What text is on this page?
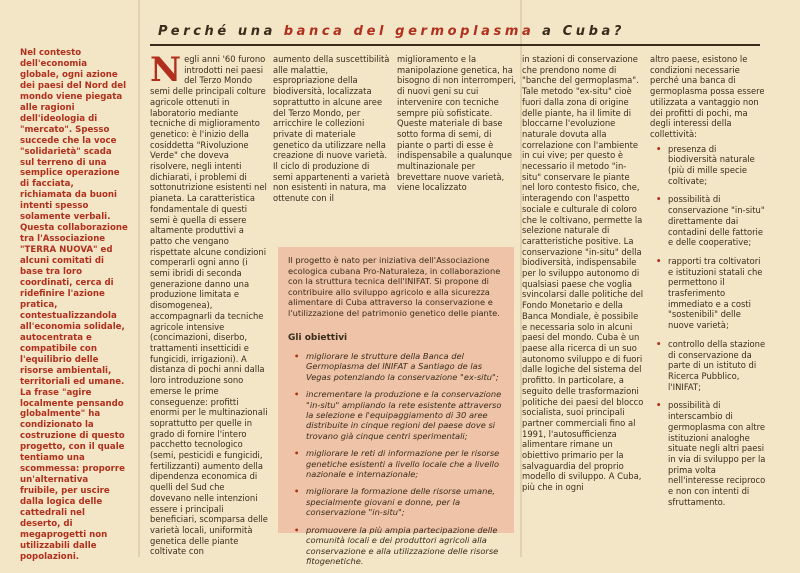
Perché una banca del germoplasma a Cuba?
Nel contesto dell'economia globale, ogni azione dei paesi del Nord del mondo viene piegata alle ragioni dell'ideologia di "mercato". Spesso succede che la voce "solidarietà" scada sul terreno di una semplice operazione di facciata, richiamata da buoni intenti spesso solamente verbali. Questa collaborazione tra l'Associazione "TERRA NUOVA" ed alcuni comitati di base tra loro coordinati, cerca di ridefinire l'azione pratica, contestualizzandola all'economia solidale, autocentrata e compatibile con l'equilibrio delle risorse ambientali, territoriali ed umane. La frase "agire localmente pensando globalmente" ha condizionato la costruzione di questo progetto, con il quale tentiamo una scommessa: proporre un'alternativa fruibile, per uscire dalla logica delle cattedrali nel deserto, di megaprogetti non utilizzabili dalle popolazioni.
N egli anni '60 furono introdotti nei paesi del Terzo Mondo semi delle principali colture agricole ottenuti in laboratorio mediante tecniche di miglioramento genetico: è l'inizio della cosiddetta "Rivoluzione Verde" che doveva risolvere, negli intenti dichiarati, i problemi di sottonutrizione esistenti nel pianeta. La caratteristica fondamentale di questi semi è quella di essere altamente produttivi a patto che vengano rispettate alcune condizioni comperarli ogni anno (i semi ibridi di seconda generazione danno una produzione limitata e disomogenea), accompagnarli da tecniche agricole intensive (concimazioni, diserbo, trattamenti insetticidi e fungicidi, irrigazioni). A distanza di pochi anni dalla loro introduzione sono emerse le prime conseguenze: profitti enormi per le multinazionali soprattutto per quelle in grado di fornire l'intero pacchetto tecnologico (semi, pesticidi e fungicidi, fertilizzanti) aumento della dipendenza economica di quelli del Sud che dovevano nelle intenzioni essere i principali beneficiari, scomparsa delle varietà locali, uniformità genetica delle piante coltivate con
aumento della suscettibilità alle malattie, espropriazione della biodiversità, localizzata soprattutto in alcune aree del Terzo Mondo, per arricchire le collezioni private di materiale genetico da utilizzare nella creazione di nuove varietà. Il ciclo di produzione di semi appartenenti a varietà non esistenti in natura, ma ottenute con il
miglioramento e la manipolazione genetica, ha bisogno di non interromperi, di nuovi geni su cui intervenire con tecniche sempre più sofisticate. Queste materiale di base sotto forma di semi, di piante o parti di esse è indispensabile a qualunque multinazionale per brevettare nuove varietà, viene localizzato
in stazioni di conservazione che prendono nome di "banche del germoplasma". Tale metodo "ex-situ" cioè fuori dalla zona di origine delle piante, ha il limite di bloccarne l'evoluzione naturale dovuta alla correlazione con l'ambiente in cui vive; per questo è necessario il metodo "in-situ" conservare le piante nel loro contesto fisico, che, interagendo con l'aspetto sociale e culturale di coloro che le coltivano, permette la selezione naturale di caratteristiche positive. La conservazione "in-situ" della biodiversità, indispensabile per lo sviluppo autonomo di qualsiasi paese che voglia svincolarsi dalle politiche del Fondo Monetario e della Banca Mondiale, è possibile e necessaria solo in alcuni paesi del mondo. Cuba è un paese alla ricerca di un suo autonomo sviluppo e di fuori dalle logiche del sistema del profitto. In particolare, a seguito delle trasformazioni politiche dei paesi del blocco socialista, suoi principali partner commerciali fino al 1991, l'autosufficienza alimentare rimane un obiettivo primario per la salvaguardia del proprio modello di sviluppo. A Cuba, più che in ogni
Il progetto è nato per iniziativa dell'Associazione ecologica cubana Pro-Naturaleza, in collaborazione con la struttura tecnica dell'INIFAT. Si propone di contribuire allo sviluppo agricolo e alla sicurezza alimentare di Cuba attraverso la conservazione e l'utilizzazione del patrimonio genetico delle piante.
Gli obiettivi
• migliorare le strutture della Banca del Germoplasma del INIFAT a Santiago de las Vegas potenziando la conservazione "ex-situ";
• incrementare la produzione e la conservazione "in-situ" ampliando la rete esistente attraverso la selezione e l'equipaggiamento di 30 aree distribuite in cinque regioni del paese dove si trovano già cinque centri sperimentali;
• migliorare le reti di informazione per le risorse genetiche esistenti a livello locale che a livello nazionale e internazionale;
• migliorare la formazione delle risorse umane, specialmente giovani e donne, per la conservazione "in-situ";
• promuovere la più ampia partecipazione delle comunità locali e dei produttori agricoli alla conservazione e alla utilizzazione delle risorse fitogenetiche.
altro paese, esistono le condizioni necessarie perché una banca di germoplasma possa essere utilizzata a vantaggio non dei profitti di pochi, ma degli interessi della collettività:
• presenza di biodiversità naturale (più di mille specie coltivate;
• possibilità di conservazione "in-situ" direttamente dai contadini delle fattorie e delle cooperative;
• rapporti tra coltivatori e istituzioni statali che permettono il trasferimento immediato e a costi "sostenibili" delle nuove varietà;
• controllo della stazione di conservazione da parte di un istituto di Ricerca Pubblico, l'INIFAT;
• possibilità di interscambio di germoplasma con altre istituzioni analoghe situate negli altri paesi in via di sviluppo per la prima volta nell'interesse reciproco e non con intenti di sfruttamento.
